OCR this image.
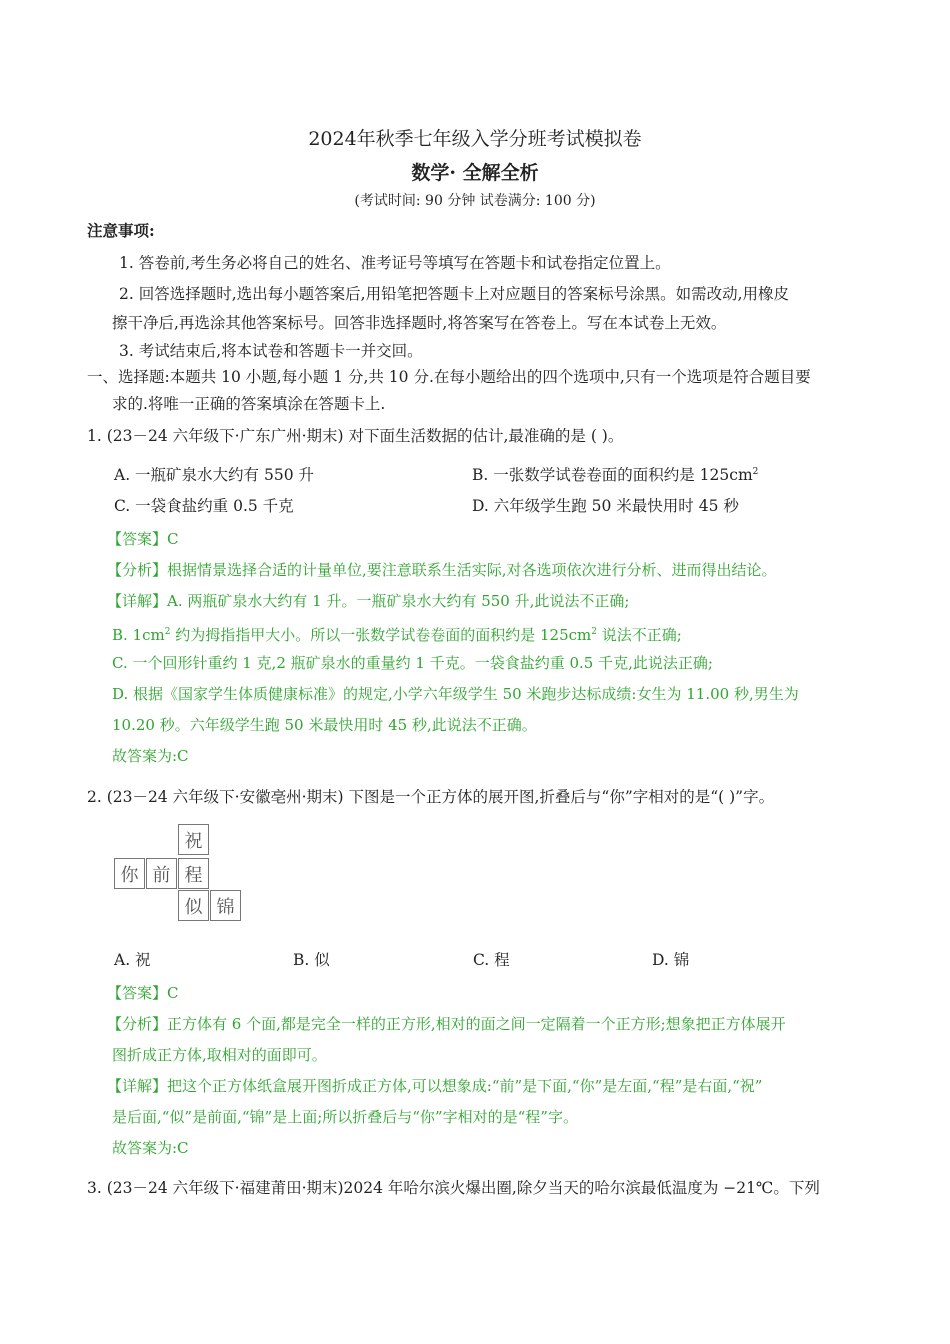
2024年秋季七年级入学分班考试模拟卷
数学· 全解全析
(考试时间: 90 分钟 试卷满分: 100 分)
注意事项:
1. 答卷前,考生务必将自己的姓名、准考证号等填写在答题卡和试卷指定位置上。
2. 回答选择题时,选出每小题答案后,用铅笔把答题卡上对应题目的答案标号涂黑。如需改动,用橡皮
擦干净后,再选涂其他答案标号。回答非选择题时,将答案写在答卷上。写在本试卷上无效。
3. 考试结束后,将本试卷和答题卡一并交回。
一、选择题:本题共 10 小题,每小题 1 分,共 10 分.在每小题给出的四个选项中,只有一个选项是符合题目要
求的.将唯一正确的答案填涂在答题卡上.
1. (23－24 六年级下·广东广州·期末) 对下面生活数据的估计,最准确的是 ( )。
A. 一瓶矿泉水大约有 550 升	B. 一张数学试卷卷面的面积约是 $125cm^2$
C. 一袋食盐约重 0.5 千克	D. 六年级学生跑 50 米最快用时 45 秒
【答案】C
【分析】根据情景选择合适的计量单位,要注意联系生活实际,对各选项依次进行分析、进而得出结论。
【详解】A. 两瓶矿泉水大约有 1 升。一瓶矿泉水大约有 550 升,此说法不正确;
B. $1cm^2$ 约为拇指指甲大小。所以一张数学试卷卷面的面积约是 $125cm^2$ 说法不正确;
C. 一个回形针重约 1 克,2 瓶矿泉水的重量约 1 千克。一袋食盐约重 0.5 千克,此说法正确;
D. 根据《国家学生体质健康标准》的规定,小学六年级学生 50 米跑步达标成绩:女生为 11.00 秒,男生为
10.20 秒。六年级学生跑 50 米最快用时 45 秒,此说法不正确。
故答案为:C
2. (23－24 六年级下·安徽亳州·期末) 下图是一个正方体的展开图,折叠后与“你”字相对的是“( )”字。
祝
你 前 程
似 锦
A. 祝	B. 似	C. 程	D. 锦
【答案】C
【分析】正方体有 6 个面,都是完全一样的正方形,相对的面之间一定隔着一个正方形;想象把正方体展开
图折成正方体,取相对的面即可。
【详解】把这个正方体纸盒展开图折成正方体,可以想象成:“前”是下面,“你”是左面,“程”是右面,“祝”
是后面,“似”是前面,“锦”是上面;所以折叠后与“你”字相对的是“程”字。
故答案为:C
3. (23－24 六年级下·福建莆田·期末)2024 年哈尔滨火爆出圈,除夕当天的哈尔滨最低温度为 −21℃。下列
